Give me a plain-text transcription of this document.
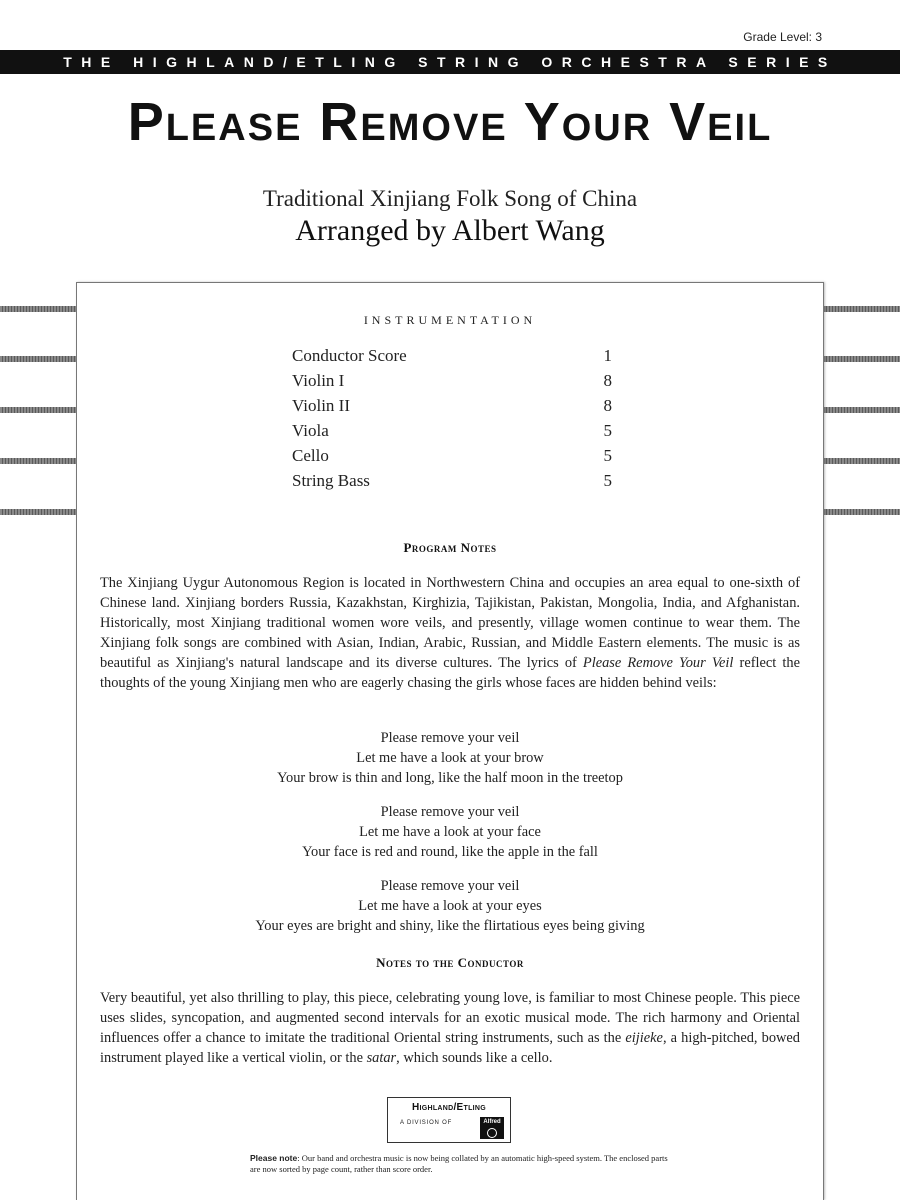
Grade Level: 3
THE HIGHLAND/ETLING STRING ORCHESTRA SERIES
Please Remove Your Veil
Traditional Xinjiang Folk Song of China
Arranged by Albert Wang
INSTRUMENTATION
Conductor Score	1
Violin I	8
Violin II	8
Viola	5
Cello	5
String Bass	5
Program Notes
The Xinjiang Uygur Autonomous Region is located in Northwestern China and occupies an area equal to one-sixth of Chinese land. Xinjiang borders Russia, Kazakhstan, Kirghizia, Tajikistan, Pakistan, Mongolia, India, and Afghanistan. Historically, most Xinjiang traditional women wore veils, and presently, village women continue to wear them. The Xinjiang folk songs are combined with Asian, Indian, Arabic, Russian, and Middle Eastern elements. The music is as beautiful as Xinjiang's natural landscape and its diverse cultures. The lyrics of Please Remove Your Veil reflect the thoughts of the young Xinjiang men who are eagerly chasing the girls whose faces are hidden behind veils:
Please remove your veil
Let me have a look at your brow
Your brow is thin and long, like the half moon in the treetop
Please remove your veil
Let me have a look at your face
Your face is red and round, like the apple in the fall
Please remove your veil
Let me have a look at your eyes
Your eyes are bright and shiny, like the flirtatious eyes being giving
Notes to the Conductor
Very beautiful, yet also thrilling to play, this piece, celebrating young love, is familiar to most Chinese people. This piece uses slides, syncopation, and augmented second intervals for an exotic musical mode. The rich harmony and Oriental influences offer a chance to imitate the traditional Oriental string instruments, such as the eijieke, a high-pitched, bowed instrument played like a vertical violin, or the satar, which sounds like a cello.
Highland/Etling
A DIVISION OF	Alfred
Please note: Our band and orchestra music is now being collated by an automatic high-speed system. The enclosed parts are now sorted by page count, rather than score order.
